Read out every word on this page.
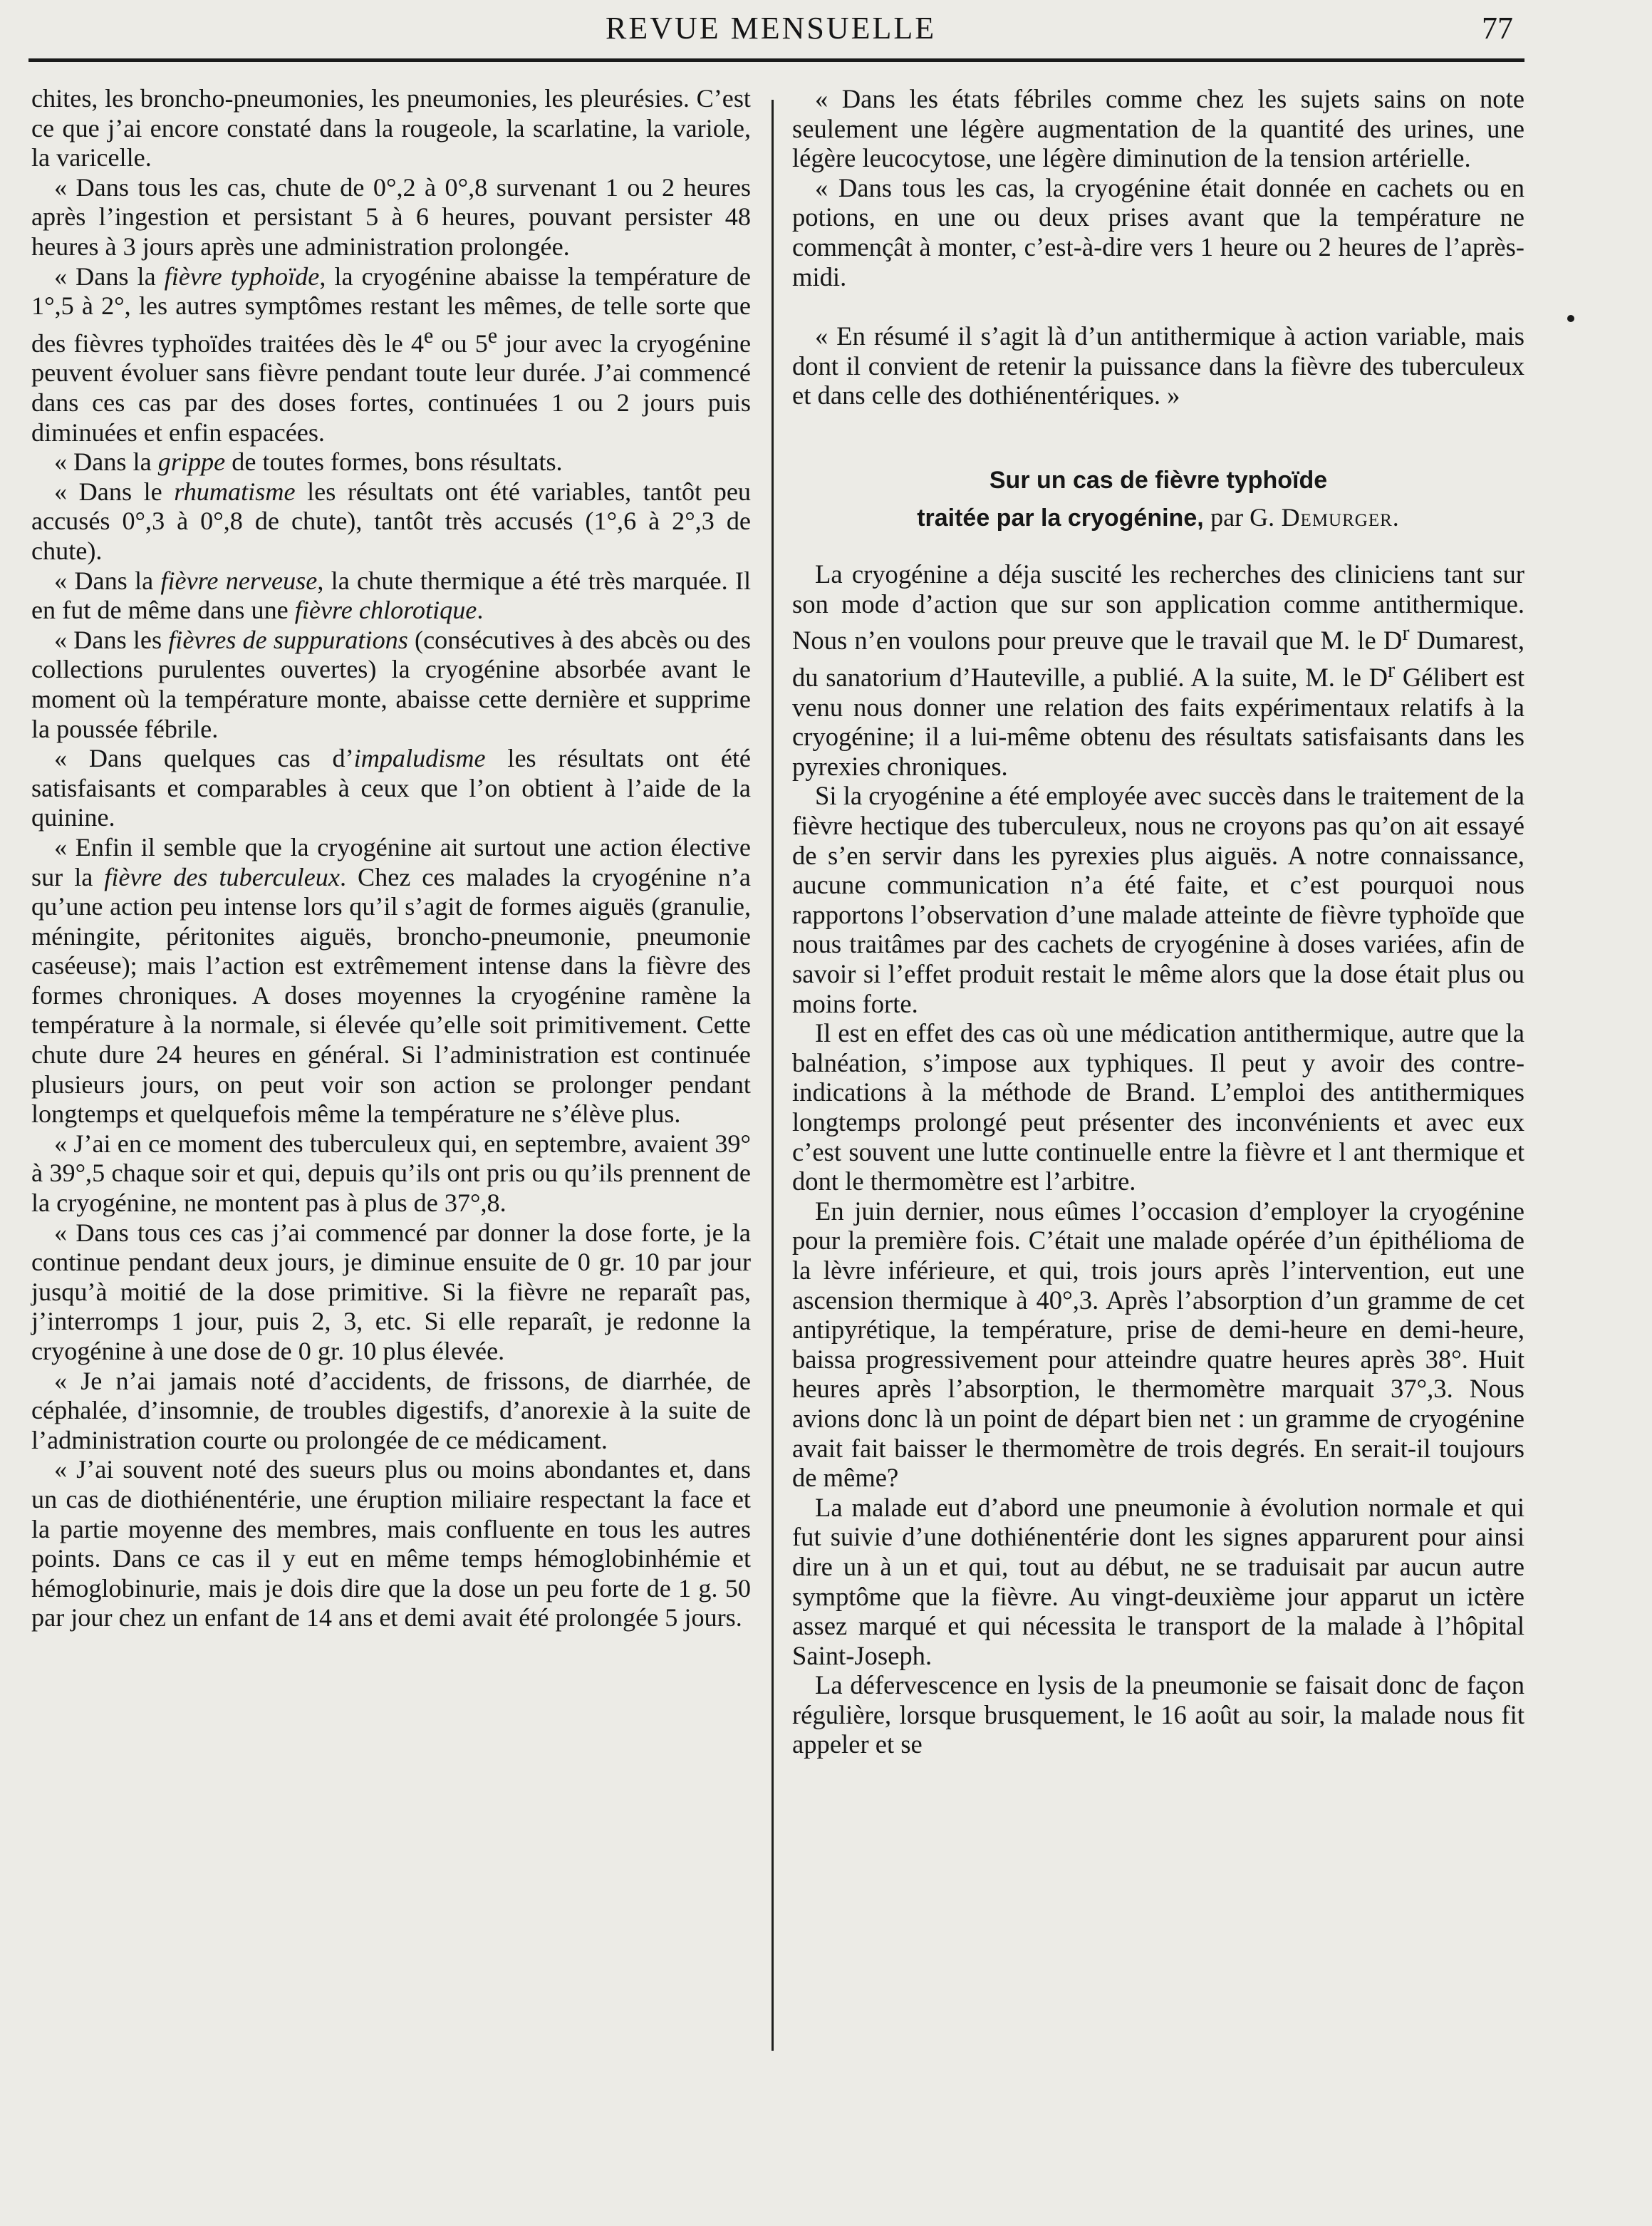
REVUE MENSUELLE	77

chites, les broncho-pneumonies, les pneumonies, les pleurésies. C’est ce que j’ai encore constaté dans la rougeole, la scarlatine, la variole, la varicelle.

« Dans tous les cas, chute de 0°,2 à 0°,8 survenant 1 ou 2 heures après l’ingestion et persistant 5 à 6 heures, pouvant persister 48 heures à 3 jours après une administration prolongée.

« Dans la fièvre typhoïde, la cryogénine abaisse la température de 1°,5 à 2°, les autres symptômes restant les mêmes, de telle sorte que des fièvres typhoïdes traitées dès le 4e ou 5e jour avec la cryogénine peuvent évoluer sans fièvre pendant toute leur durée. J’ai commencé dans ces cas par des doses fortes, continuées 1 ou 2 jours puis diminuées et enfin espacées.

« Dans la grippe de toutes formes, bons résultats.

« Dans le rhumatisme les résultats ont été variables, tantôt peu accusés 0°,3 à 0°,8 de chute), tantôt très accusés (1°,6 à 2°,3 de chute).

« Dans la fièvre nerveuse, la chute thermique a été très marquée. Il en fut de même dans une fièvre chlorotique.

« Dans les fièvres de suppurations (consécutives à des abcès ou des collections purulentes ouvertes) la cryogénine absorbée avant le moment où la température monte, abaisse cette dernière et supprime la poussée fébrile.

« Dans quelques cas d’impaludisme les résultats ont été satisfaisants et comparables à ceux que l’on obtient à l’aide de la quinine.

« Enfin il semble que la cryogénine ait surtout une action élective sur la fièvre des tuberculeux. Chez ces malades la cryogénine n’a qu’une action peu intense lors qu’il s’agit de formes aiguës (granulie, méningite, péritonites aiguës, broncho-pneumonie, pneumonie caséeuse); mais l’action est extrêmement intense dans la fièvre des formes chroniques. A doses moyennes la cryogénine ramène la température à la normale, si élevée qu’elle soit primitivement. Cette chute dure 24 heures en général. Si l’administration est continuée plusieurs jours, on peut voir son action se prolonger pendant longtemps et quelquefois même la température ne s’élève plus.

« J’ai en ce moment des tuberculeux qui, en septembre, avaient 39° à 39°,5 chaque soir et qui, depuis qu’ils ont pris ou qu’ils prennent de la cryogénine, ne montent pas à plus de 37°,8.

« Dans tous ces cas j’ai commencé par donner la dose forte, je la continue pendant deux jours, je diminue ensuite de 0 gr. 10 par jour jusqu’à moitié de la dose primitive. Si la fièvre ne reparaît pas, j’interromps 1 jour, puis 2, 3, etc. Si elle reparaît, je redonne la cryogénine à une dose de 0 gr. 10 plus élevée.

« Je n’ai jamais noté d’accidents, de frissons, de diarrhée, de céphalée, d’insomnie, de troubles digestifs, d’anorexie à la suite de l’administration courte ou prolongée de ce médicament.

« J’ai souvent noté des sueurs plus ou moins abondantes et, dans un cas de diothiénentérie, une éruption miliaire respectant la face et la partie moyenne des membres, mais confluente en tous les autres points. Dans ce cas il y eut en même temps hémoglobinhémie et hémoglobinurie, mais je dois dire que la dose un peu forte de 1 g. 50 par jour chez un enfant de 14 ans et demi avait été prolongée 5 jours.

« Dans les états fébriles comme chez les sujets sains on note seulement une légère augmentation de la quantité des urines, une légère leucocytose, une légère diminution de la tension artérielle.

« Dans tous les cas, la cryogénine était donnée en cachets ou en potions, en une ou deux prises avant que la température ne commençât à monter, c’est-à-dire vers 1 heure ou 2 heures de l’après-midi.

« En résumé il s’agit là d’un antithermique à action variable, mais dont il convient de retenir la puissance dans la fièvre des tuberculeux et dans celle des dothiénentériques. »

Sur un cas de fièvre typhoïde
traitée par la cryogénine, par G. Demurger.

La cryogénine a déja suscité les recherches des cliniciens tant sur son mode d’action que sur son application comme antithermique. Nous n’en voulons pour preuve que le travail que M. le $D^r$ Dumarest, du sanatorium d’Hauteville, a publié. A la suite, M. le $D^r$ Gélibert est venu nous donner une relation des faits expérimentaux relatifs à la cryogénine; il a lui-même obtenu des résultats satisfaisants dans les pyrexies chroniques.

Si la cryogénine a été employée avec succès dans le traitement de la fièvre hectique des tuberculeux, nous ne croyons pas qu’on ait essayé de s’en servir dans les pyrexies plus aiguës. A notre connaissance, aucune communication n’a été faite, et c’est pourquoi nous rapportons l’observation d’une malade atteinte de fièvre typhoïde que nous traitâmes par des cachets de cryogénine à doses variées, afin de savoir si l’effet produit restait le même alors que la dose était plus ou moins forte.

Il est en effet des cas où une médication antithermique, autre que la balnéation, s’impose aux typhiques. Il peut y avoir des contre-indications à la méthode de Brand. L’emploi des antithermiques longtemps prolongé peut présenter des inconvénients et avec eux c’est souvent une lutte continuelle entre la fièvre et l ant thermique et dont le thermomètre est l’arbitre.

En juin dernier, nous eûmes l’occasion d’employer la cryogénine pour la première fois. C’était une malade opérée d’un épithélioma de la lèvre inférieure, et qui, trois jours après l’intervention, eut une ascension thermique à 40°,3. Après l’absorption d’un gramme de cet antipyrétique, la température, prise de demi-heure en demi-heure, baissa progressivement pour atteindre quatre heures après 38°. Huit heures après l’absorption, le thermomètre marquait 37°,3. Nous avions donc là un point de départ bien net : un gramme de cryogénine avait fait baisser le thermomètre de trois degrés. En serait-il toujours de même?

La malade eut d’abord une pneumonie à évolution normale et qui fut suivie d’une dothiénentérie dont les signes apparurent pour ainsi dire un à un et qui, tout au début, ne se traduisait par aucun autre symptôme que la fièvre. Au vingt-deuxième jour apparut un ictère assez marqué et qui nécessita le transport de la malade à l’hôpital Saint-Joseph.

La défervescence en lysis de la pneumonie se faisait donc de façon régulière, lorsque brusquement, le 16 août au soir, la malade nous fit appeler et se
